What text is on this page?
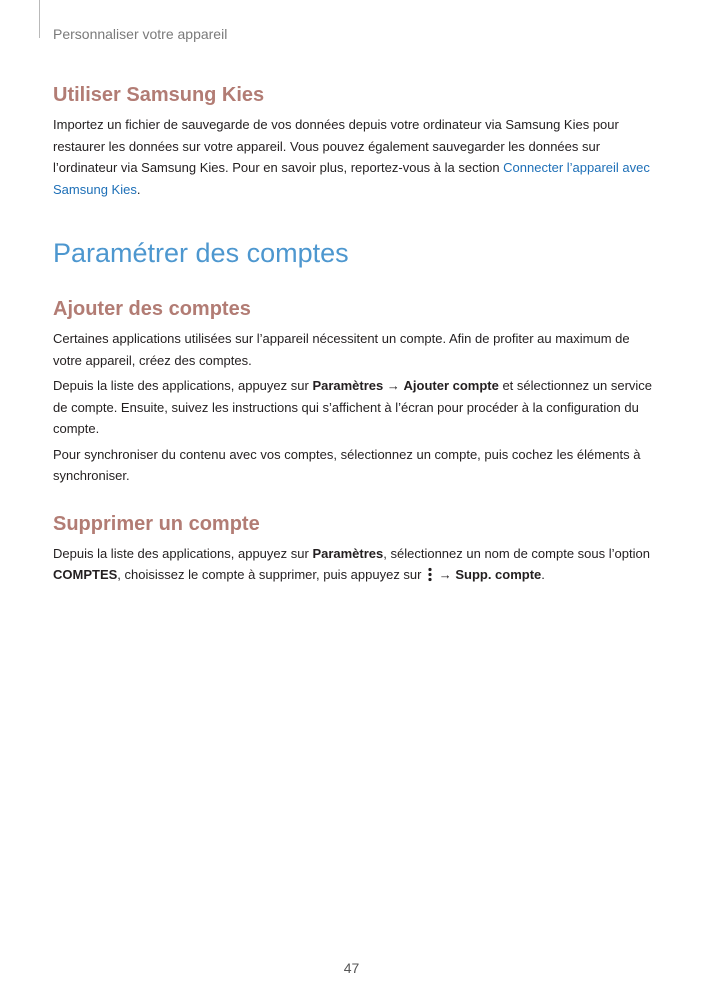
Personnaliser votre appareil
Utiliser Samsung Kies

Importez un fichier de sauvegarde de vos données depuis votre ordinateur via Samsung Kies pour restaurer les données sur votre appareil. Vous pouvez également sauvegarder les données sur l’ordinateur via Samsung Kies. Pour en savoir plus, reportez-vous à la section Connecter l’appareil avec Samsung Kies.

Paramétrer des comptes
Ajouter des comptes

Certaines applications utilisées sur l’appareil nécessitent un compte. Afin de profiter au maximum de votre appareil, créez des comptes.

Depuis la liste des applications, appuyez sur Paramètres → Ajouter compte et sélectionnez un service de compte. Ensuite, suivez les instructions qui s’affichent à l’écran pour procéder à la configuration du compte.

Pour synchroniser du contenu avec vos comptes, sélectionnez un compte, puis cochez les éléments à synchroniser.

Supprimer un compte

Depuis la liste des applications, appuyez sur Paramètres, sélectionnez un nom de compte sous l’option COMPTES, choisissez le compte à supprimer, puis appuyez sur  → Supp. compte.

47
